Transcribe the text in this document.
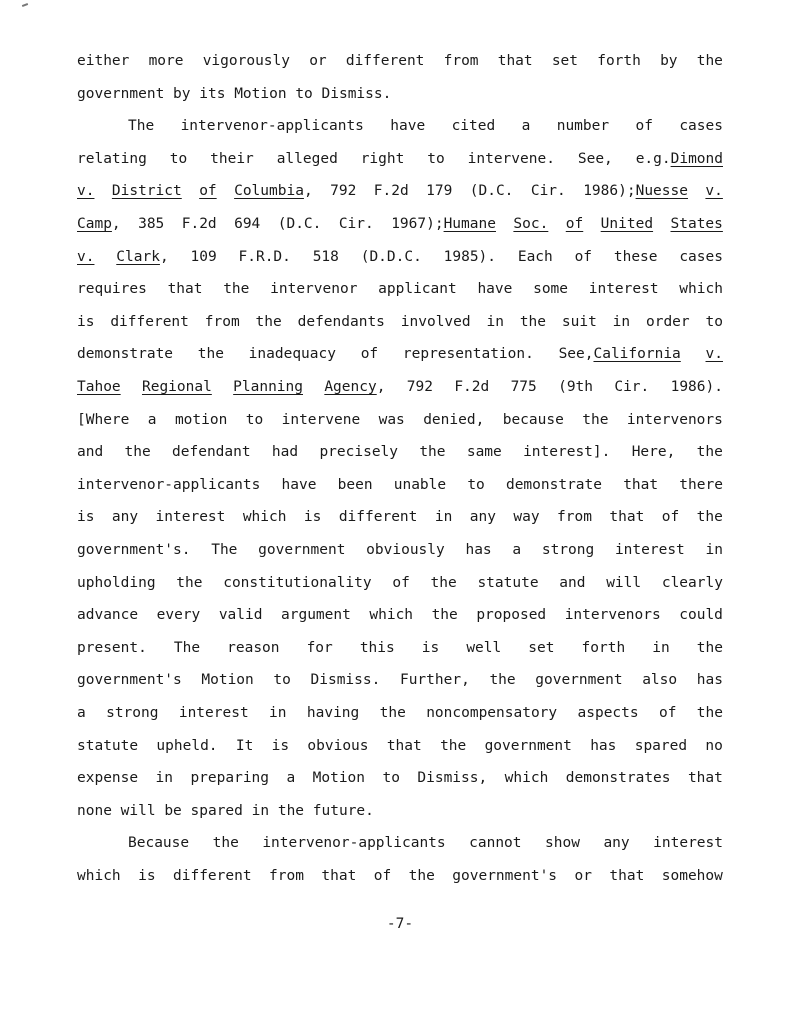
either more vigorously or different from that set forth by the
government by its Motion to Dismiss.
The intervenor-applicants have cited a number of cases
relating to their alleged right to intervene. See, e.g.Dimond
v. District of Columbia, 792 F.2d 179 (D.C. Cir. 1986);Nuesse v.
Camp, 385 F.2d 694 (D.C. Cir. 1967);Humane Soc. of United States
v. Clark, 109 F.R.D. 518 (D.D.C. 1985). Each of these cases
requires that the intervenor applicant have some interest which
is different from the defendants involved in the suit in order to
demonstrate the inadequacy of representation. See,California v.
Tahoe Regional Planning Agency, 792 F.2d 775 (9th Cir. 1986).
[Where a motion to intervene was denied, because the intervenors
and the defendant had precisely the same interest]. Here, the
intervenor-applicants have been unable to demonstrate that there
is any interest which is different in any way from that of the
government's. The government obviously has a strong interest in
upholding the constitutionality of the statute and will clearly
advance every valid argument which the proposed intervenors could
present. The reason for this is well set forth in the
government's Motion to Dismiss. Further, the government also has
a strong interest in having the noncompensatory aspects of the
statute upheld. It is obvious that the government has spared no
expense in preparing a Motion to Dismiss, which demonstrates that
none will be spared in the future.
Because the intervenor-applicants cannot show any interest
which is different from that of the government's or that somehow
-7-
